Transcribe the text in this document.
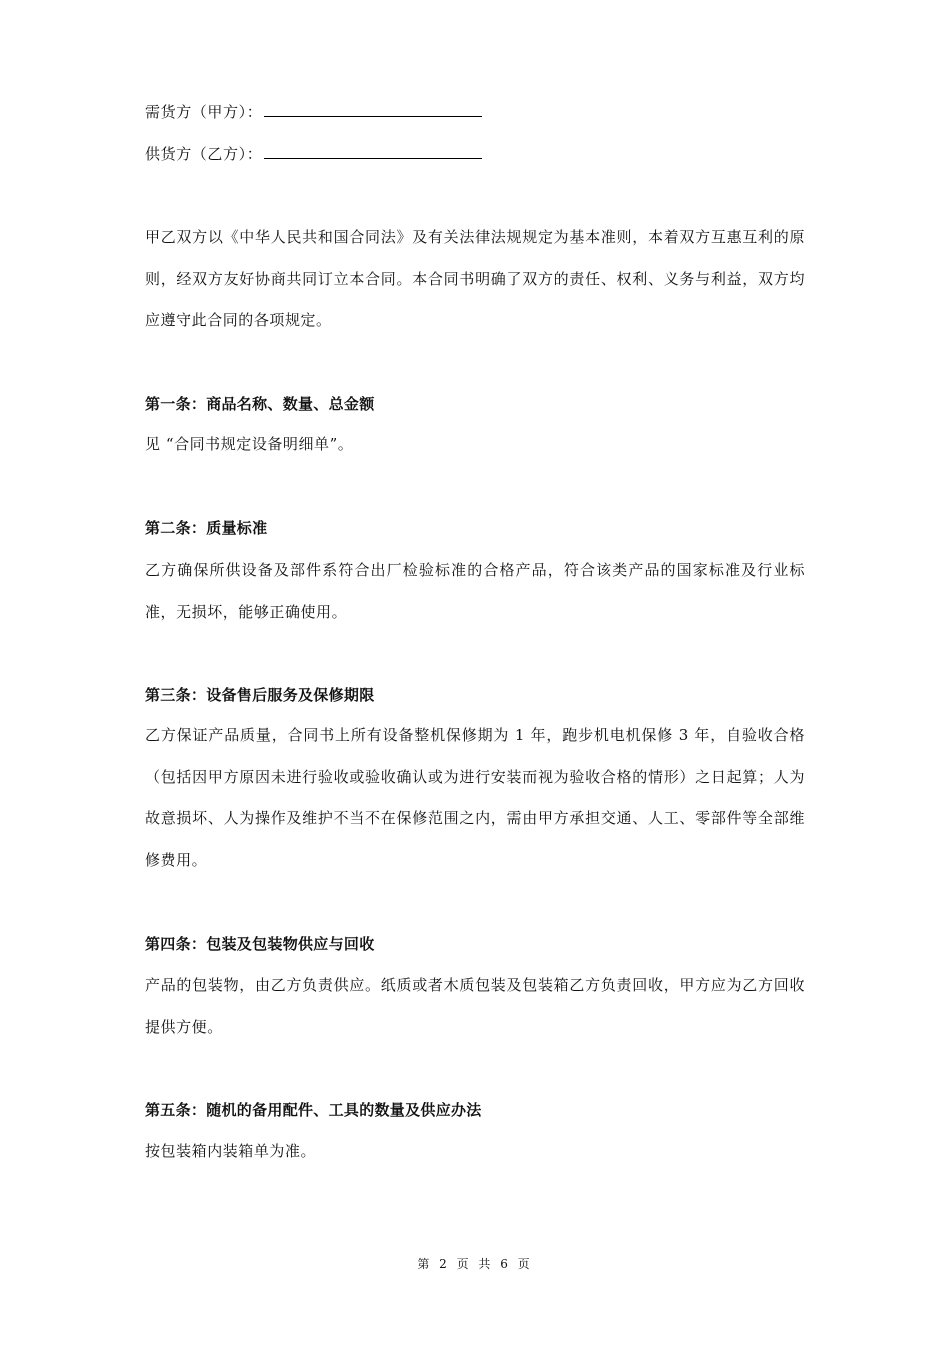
需货方（甲方）：
供货方（乙方）：
甲乙双方以《中华人民共和国合同法》及有关法律法规规定为基本准则，本着双方互惠互利的原则，经双方友好协商共同订立本合同。本合同书明确了双方的责任、权利、义务与利益，双方均应遵守此合同的各项规定。
第一条：商品名称、数量、总金额
见 “合同书规定设备明细单”。
第二条：质量标准
乙方确保所供设备及部件系符合出厂检验标准的合格产品，符合该类产品的国家标准及行业标准，无损坏，能够正确使用。
第三条：设备售后服务及保修期限
乙方保证产品质量，合同书上所有设备整机保修期为 1 年，跑步机电机保修 3 年，自验收合格（包括因甲方原因未进行验收或验收确认或为进行安装而视为验收合格的情形）之日起算；人为故意损坏、人为操作及维护不当不在保修范围之内，需由甲方承担交通、人工、零部件等全部维修费用。
第四条：包装及包装物供应与回收
产品的包装物，由乙方负责供应。纸质或者木质包装及包装箱乙方负责回收，甲方应为乙方回收提供方便。
第五条：随机的备用配件、工具的数量及供应办法
按包装箱内装箱单为准。
第 2 页 共 6 页
